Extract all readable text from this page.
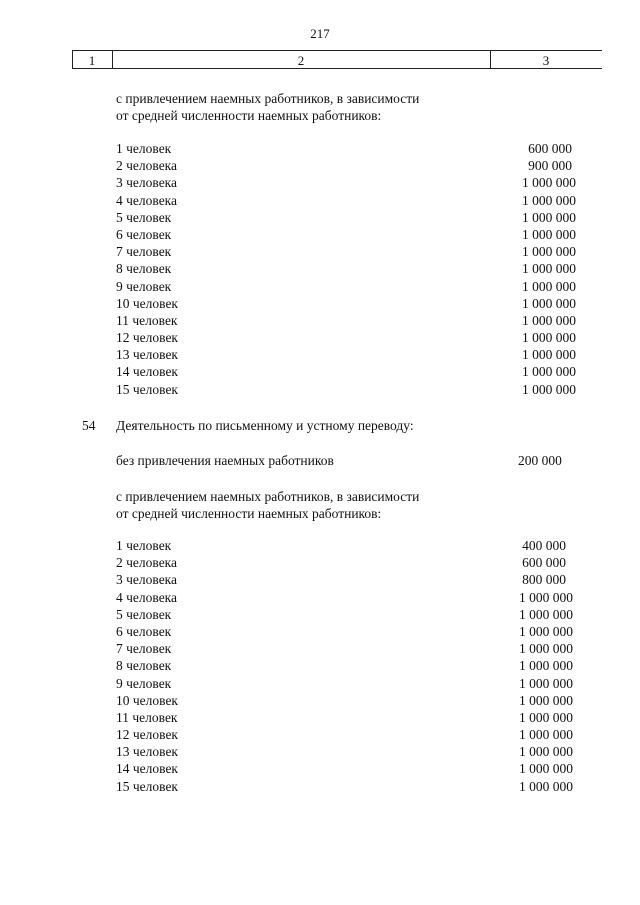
217
1	2	3
с привлечением наемных работников, в зависимости
от средней численности наемных работников:
1 человек	600 000
2 человека	900 000
3 человека	1 000 000
4 человека	1 000 000
5 человек	1 000 000
6 человек	1 000 000
7 человек	1 000 000
8 человек	1 000 000
9 человек	1 000 000
10 человек	1 000 000
11 человек	1 000 000
12 человек	1 000 000
13 человек	1 000 000
14 человек	1 000 000
15 человек	1 000 000
54 Деятельность по письменному и устному переводу:
без привлечения наемных работников	200 000
с привлечением наемных работников, в зависимости
от средней численности наемных работников:
1 человек	400 000
2 человека	600 000
3 человека	800 000
4 человека	1 000 000
5 человек	1 000 000
6 человек	1 000 000
7 человек	1 000 000
8 человек	1 000 000
9 человек	1 000 000
10 человек	1 000 000
11 человек	1 000 000
12 человек	1 000 000
13 человек	1 000 000
14 человек	1 000 000
15 человек	1 000 000
